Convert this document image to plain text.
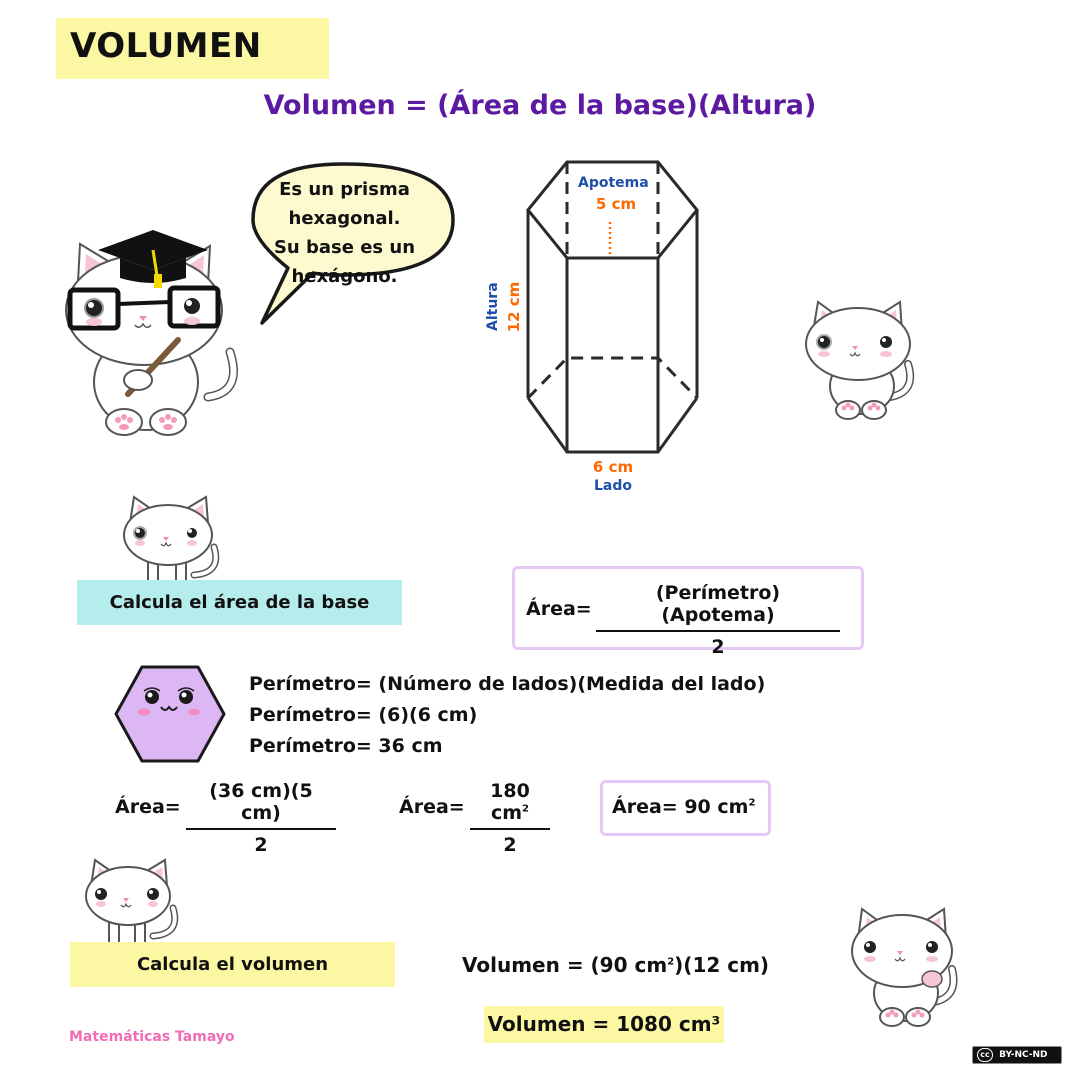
VOLUMEN
Volumen = (Área de la base)(Altura)
Es un prisma
hexagonal.
Su base es un
hexágono.
Apotema
5 cm
Altura 12 cm
6 cm
Lado
Calcula el área de la base	Área=
(Perímetro)(Apotema)
2
Perímetro= (Número de lados)(Medida del lado)
Perímetro= (6)(6 cm)
Perímetro= 36 cm
Área=
(36 cm)(5 cm)
2
Área=
180 $cm^2$
2
Área= 90 $cm^2$
Calcula el volumen	Volumen = (90 $cm^2)(12$ cm)
Volumen = 1080 cm³
Matemáticas Tamayo
cc BY-NC-ND
